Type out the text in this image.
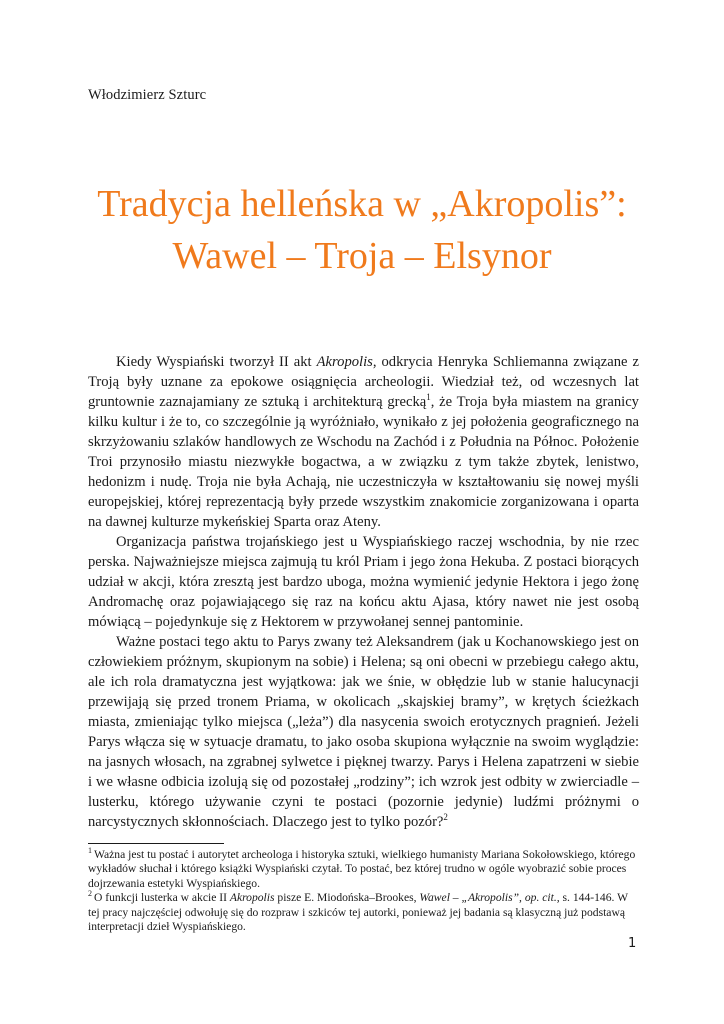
Włodzimierz Szturc
Tradycja helleńska w „Akropolis”:
Wawel – Troja – Elsynor

Kiedy Wyspiański tworzył II akt Akropolis, odkrycia Henryka Schliemanna związane z Troją były uznane za epokowe osiągnięcia archeologii. Wiedział też, od wczesnych lat gruntownie zaznajamiany ze sztuką i architekturą grecką$^1$, że Troja była miastem na granicy kilku kultur i że to, co szczególnie ją wyróżniało, wynikało z jej położenia geograficznego na skrzyżowaniu szlaków handlowych ze Wschodu na Zachód i z Południa na Północ. Położenie Troi przynosiło miastu niezwykłe bogactwa, a w związku z tym także zbytek, lenistwo, hedonizm i nudę. Troja nie była Achają, nie uczestniczyła w kształtowaniu się nowej myśli europejskiej, której reprezentacją były przede wszystkim znakomicie zorganizowana i oparta na dawnej kulturze mykeńskiej Sparta oraz Ateny.

Organizacja państwa trojańskiego jest u Wyspiańskiego raczej wschodnia, by nie rzec perska. Najważniejsze miejsca zajmują tu król Priam i jego żona Hekuba. Z postaci biorących udział w akcji, która zresztą jest bardzo uboga, można wymienić jedynie Hektora i jego żonę Andromachę oraz pojawiającego się raz na końcu aktu Ajasa, który nawet nie jest osobą mówiącą – pojedynkuje się z Hektorem w przywołanej sennej pantominie.

Ważne postaci tego aktu to Parys zwany też Aleksandrem (jak u Kochanowskiego jest on człowiekiem próżnym, skupionym na sobie) i Helena; są oni obecni w przebiegu całego aktu, ale ich rola dramatyczna jest wyjątkowa: jak we śnie, w obłędzie lub w stanie halucynacji przewijają się przed tronem Priama, w okolicach „skajskiej bramy”, w krętych ścieżkach miasta, zmieniając tylko miejsca („leża”) dla nasycenia swoich erotycznych pragnień. Jeżeli Parys włącza się w sytuacje dramatu, to jako osoba skupiona wyłącznie na swoim wyglądzie: na jasnych włosach, na zgrabnej sylwetce i pięknej twarzy. Parys i Helena zapatrzeni w siebie i we własne odbicia izolują się od pozostałej „rodziny”; ich wzrok jest odbity w zwierciadle – lusterku, którego używanie czyni te postaci (pozornie jedynie) ludźmi próżnymi o narcystycznych skłonnościach. Dlaczego jest to tylko pozór?$^2$

$^1$ Ważna jest tu postać i autorytet archeologa i historyka sztuki, wielkiego humanisty Mariana Sokołowskiego, którego wykładów słuchał i którego książki Wyspiański czytał. To postać, bez której trudno w ogóle wyobrazić sobie proces dojrzewania estetyki Wyspiańskiego.

$^2$ O funkcji lusterka w akcie II Akropolis pisze E. Miodońska–Brookes, Wawel – „Akropolis”, op. cit., s. 144-146. W tej pracy najczęściej odwołuję się do rozpraw i szkiców tej autorki, ponieważ jej badania są klasyczną już podstawą interpretacji dzieł Wyspiańskiego.

1
